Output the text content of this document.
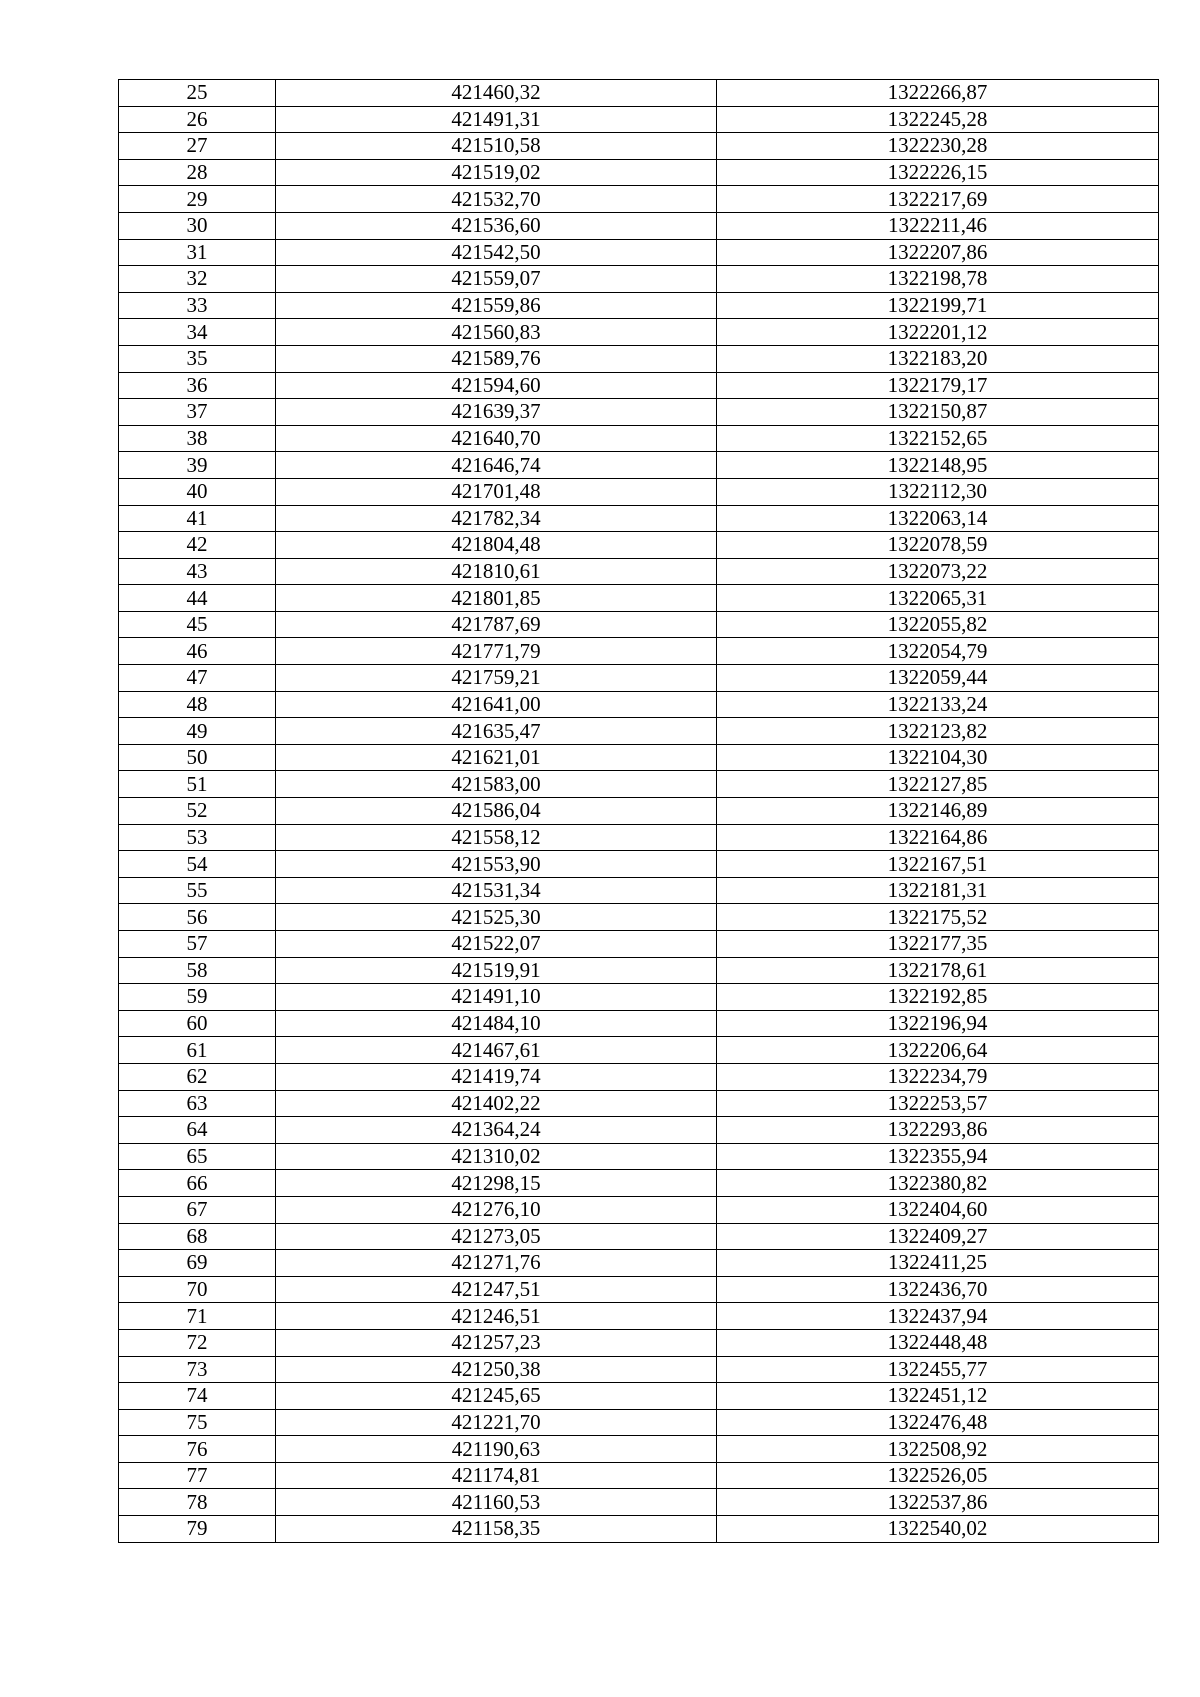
25	421460,32	1322266,87
26	421491,31	1322245,28
27	421510,58	1322230,28
28	421519,02	1322226,15
29	421532,70	1322217,69
30	421536,60	1322211,46
31	421542,50	1322207,86
32	421559,07	1322198,78
33	421559,86	1322199,71
34	421560,83	1322201,12
35	421589,76	1322183,20
36	421594,60	1322179,17
37	421639,37	1322150,87
38	421640,70	1322152,65
39	421646,74	1322148,95
40	421701,48	1322112,30
41	421782,34	1322063,14
42	421804,48	1322078,59
43	421810,61	1322073,22
44	421801,85	1322065,31
45	421787,69	1322055,82
46	421771,79	1322054,79
47	421759,21	1322059,44
48	421641,00	1322133,24
49	421635,47	1322123,82
50	421621,01	1322104,30
51	421583,00	1322127,85
52	421586,04	1322146,89
53	421558,12	1322164,86
54	421553,90	1322167,51
55	421531,34	1322181,31
56	421525,30	1322175,52
57	421522,07	1322177,35
58	421519,91	1322178,61
59	421491,10	1322192,85
60	421484,10	1322196,94
61	421467,61	1322206,64
62	421419,74	1322234,79
63	421402,22	1322253,57
64	421364,24	1322293,86
65	421310,02	1322355,94
66	421298,15	1322380,82
67	421276,10	1322404,60
68	421273,05	1322409,27
69	421271,76	1322411,25
70	421247,51	1322436,70
71	421246,51	1322437,94
72	421257,23	1322448,48
73	421250,38	1322455,77
74	421245,65	1322451,12
75	421221,70	1322476,48
76	421190,63	1322508,92
77	421174,81	1322526,05
78	421160,53	1322537,86
79	421158,35	1322540,02
